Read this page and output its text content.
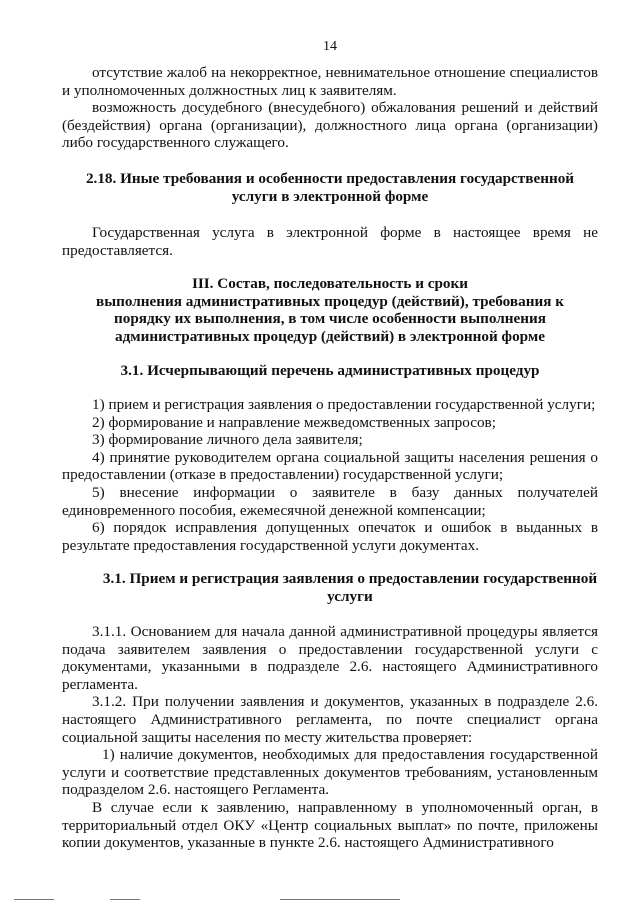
14

отсутствие жалоб на некорректное, невнимательное отношение специалистов и уполномоченных должностных лиц к заявителям.

возможность досудебного (внесудебного) обжалования решений и действий (бездействия) органа (организации), должностного лица органа (организации) либо государственного служащего.

2.18. Иные требования и особенности предоставления государственной услуги в электронной форме

Государственная услуга в электронной форме в настоящее время не предоставляется.

III. Состав, последовательность и сроки

выполнения административных процедур (действий), требования к порядку их выполнения, в том числе особенности выполнения административных процедур (действий) в электронной форме

3.1. Исчерпывающий перечень административных процедур

1) прием и регистрация заявления о предоставлении государственной услуги;

2) формирование и направление межведомственных запросов;

3) формирование личного дела заявителя;

4) принятие руководителем органа социальной защиты населения решения о предоставлении (отказе в предоставлении) государственной услуги;

5) внесение информации о заявителе в базу данных получателей единовременного пособия, ежемесячной денежной компенсации;

6) порядок исправления допущенных опечаток и ошибок в выданных в результате предоставления государственной услуги документах.

3.1. Прием и регистрация заявления о предоставлении государственной услуги

3.1.1. Основанием для начала данной административной процедуры является подача заявителем заявления о предоставлении государственной услуги с документами, указанными в подразделе 2.6. настоящего Административного регламента.

3.1.2. При получении заявления и документов, указанных в подразделе 2.6. настоящего Административного регламента, по почте специалист органа социальной защиты населения по месту жительства проверяет:

1) наличие документов, необходимых для предоставления государственной услуги и соответствие представленных документов требованиям, установленным подразделом 2.6. настоящего Регламента.

В случае если к заявлению, направленному в уполномоченный орган, в территориальный отдел ОКУ «Центр социальных выплат» по почте, приложены копии документов, указанные в пункте 2.6. настоящего Административного
